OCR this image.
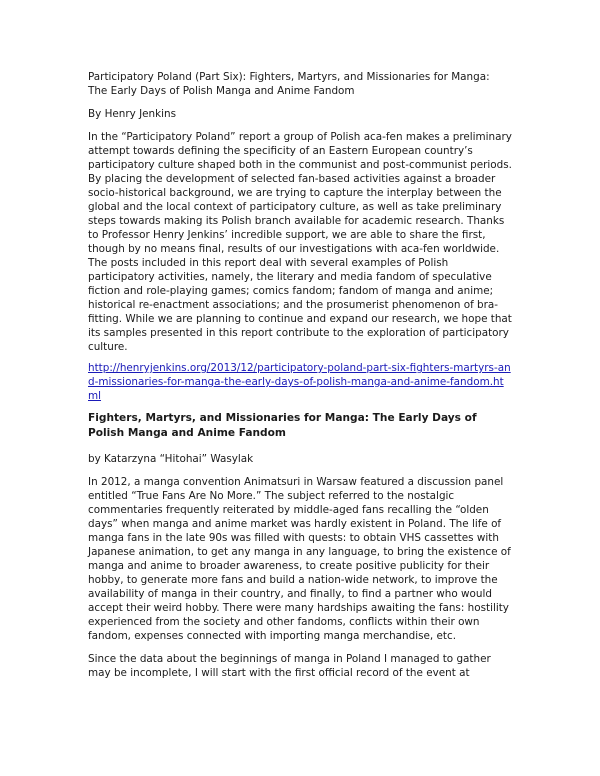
Participatory Poland (Part Six): Fighters, Martyrs, and Missionaries for Manga: The Early Days of Polish Manga and Anime Fandom

By Henry Jenkins

In the “Participatory Poland” report a group of Polish aca-fen makes a preliminary attempt towards defining the specificity of an Eastern European country’s participatory culture shaped both in the communist and post-communist periods. By placing the development of selected fan-based activities against a broader socio-historical background, we are trying to capture the interplay between the global and the local context of participatory culture, as well as take preliminary steps towards making its Polish branch available for academic research. Thanks to Professor Henry Jenkins’ incredible support, we are able to share the first, though by no means final, results of our investigations with aca-fen worldwide. The posts included in this report deal with several examples of Polish participatory activities, namely, the literary and media fandom of speculative fiction and role-playing games; comics fandom; fandom of manga and anime; historical re-enactment associations; and the prosumerist phenomenon of bra-fitting. While we are planning to continue and expand our research, we hope that its samples presented in this report contribute to the exploration of participatory culture.

http://henryjenkins.org/2013/12/participatory-poland-part-six-fighters-martyrs-and-missionaries-for-manga-the-early-days-of-polish-manga-and-anime-fandom.html

Fighters, Martyrs, and Missionaries for Manga: The Early Days of Polish Manga and Anime Fandom

by Katarzyna “Hitohai” Wasylak

In 2012, a manga convention Animatsuri in Warsaw featured a discussion panel entitled “True Fans Are No More.” The subject referred to the nostalgic commentaries frequently reiterated by middle-aged fans recalling the “olden days” when manga and anime market was hardly existent in Poland. The life of manga fans in the late 90s was filled with quests: to obtain VHS cassettes with Japanese animation, to get any manga in any language, to bring the existence of manga and anime to broader awareness, to create positive publicity for their hobby, to generate more fans and build a nation-wide network, to improve the availability of manga in their country, and finally, to find a partner who would accept their weird hobby. There were many hardships awaiting the fans: hostility experienced from the society and other fandoms, conflicts within their own fandom, expenses connected with importing manga merchandise, etc.

Since the data about the beginnings of manga in Poland I managed to gather may be incomplete, I will start with the first official record of the event at
